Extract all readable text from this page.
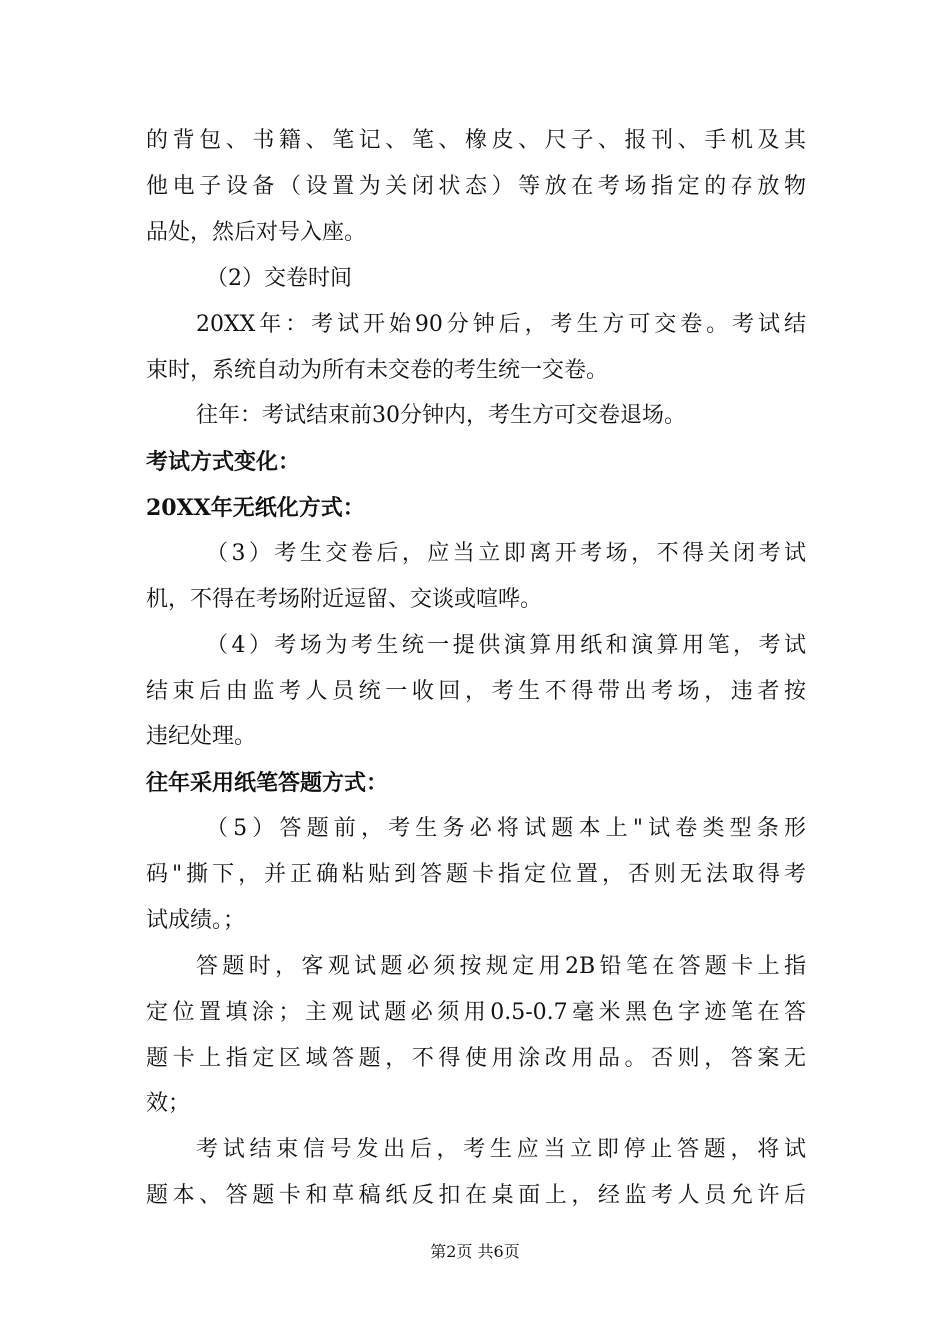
的背包、书籍、笔记、笔、橡皮、尺子、报刊、手机及其
他电子设备（设置为关闭状态）等放在考场指定的存放物
品处，然后对号入座。
（2）交卷时间
20XX年：考试开始90分钟后，考生方可交卷。考试结
束时，系统自动为所有未交卷的考生统一交卷。
往年：考试结束前30分钟内，考生方可交卷退场。
考试方式变化：
20XX年无纸化方式：
（3）考生交卷后，应当立即离开考场，不得关闭考试
机，不得在考场附近逗留、交谈或喧哗。
（4）考场为考生统一提供演算用纸和演算用笔，考试
结束后由监考人员统一收回，考生不得带出考场，违者按
违纪处理。
往年采用纸笔答题方式：
（5）答题前，考生务必将试题本上"试卷类型条形
码"撕下，并正确粘贴到答题卡指定位置，否则无法取得考
试成绩。；
答题时，客观试题必须按规定用2B铅笔在答题卡上指
定位置填涂；主观试题必须用0.5-0.7毫米黑色字迹笔在答
题卡上指定区域答题，不得使用涂改用品。否则，答案无
效；
考试结束信号发出后，考生应当立即停止答题，将试
题本、答题卡和草稿纸反扣在桌面上，经监考人员允许后
第2页 共6页
